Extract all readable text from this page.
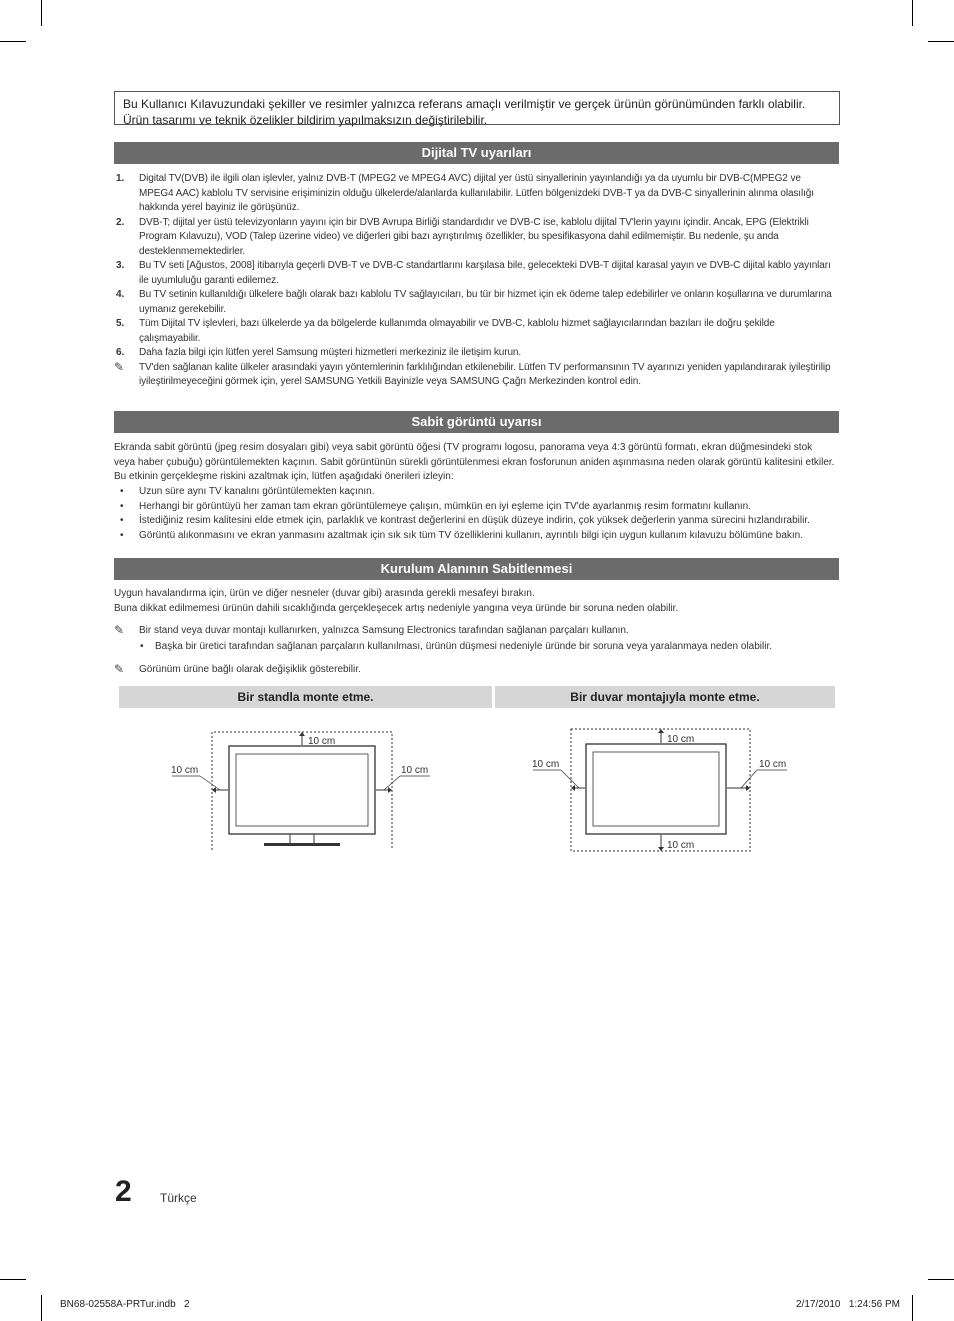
Bu Kullanıcı Kılavuzundaki şekiller ve resimler yalnızca referans amaçlı verilmiştir ve gerçek ürünün görünümünden farklı olabilir. Ürün tasarımı ve teknik özelikler bildirim yapılmaksızın değiştirilebilir.
Dijital TV uyarıları
1. Digital TV(DVB) ile ilgili olan işlevler, yalnız DVB-T (MPEG2 ve MPEG4 AVC) dijital yer üstü sinyallerinin yayınlandığı ya da uyumlu bir DVB-C(MPEG2 ve MPEG4 AAC) kablolu TV servisine erişiminizin olduğu ülkelerde/alanlarda kullanılabilir. Lütfen bölgenizdeki DVB-T ya da DVB-C sinyallerinin alınma olasılığı hakkında yerel bayiniz ile görüşünüz.
2. DVB-T; dijital yer üstü televizyonların yayını için bir DVB Avrupa Birliği standardıdır ve DVB-C ise, kablolu dijital TV'lerin yayını içindir. Ancak, EPG (Elektrikli Program Kılavuzu), VOD (Talep üzerine video) ve diğerleri gibi bazı ayrıştırılmış özellikler, bu spesifikasyona dahil edilmemiştir. Bu nedenle, şu anda desteklenmemektedirler.
3. Bu TV seti [Ağustos, 2008] itibarıyla geçerli DVB-T ve DVB-C standartlarını karşılasa bile, gelecekteki DVB-T dijital karasal yayın ve DVB-C dijital kablo yayınları ile uyumluluğu garanti edilemez.
4. Bu TV setinin kullanıldığı ülkelere bağlı olarak bazı kablolu TV sağlayıcıları, bu tür bir hizmet için ek ödeme talep edebilirler ve onların koşullarına ve durumlarına uymanız gerekebilir.
5. Tüm Dijital TV işlevleri, bazı ülkelerde ya da bölgelerde kullanımda olmayabilir ve DVB-C, kablolu hizmet sağlayıcılarından bazıları ile doğru şekilde çalışmayabilir.
6. Daha fazla bilgi için lütfen yerel Samsung müşteri hizmetleri merkeziniz ile iletişim kurun.
✎ TV'den sağlanan kalite ülkeler arasındaki yayın yöntemlerinin farklılığından etkilenebilir. Lütfen TV performansının TV ayarınızı yeniden yapılandırarak iyileştirilip iyileştirilmeyeceğini görmek için, yerel SAMSUNG Yetkili Bayinizle veya SAMSUNG Çağrı Merkezinden kontrol edin.
Sabit görüntü uyarısı
Ekranda sabit görüntü (jpeg resim dosyaları gibi) veya sabit görüntü öğesi (TV programı logosu, panorama veya 4:3 görüntü formatı, ekran düğmesindeki stok veya haber çubuğu) görüntülemekten kaçının. Sabit görüntünün sürekli görüntülenmesi ekran fosforunun aniden aşınmasına neden olarak görüntü kalitesini etkiler. Bu etkinin gerçekleşme riskini azaltmak için, lütfen aşağıdaki önerileri izleyin:
• Uzun süre aynı TV kanalını görüntülemekten kaçının.
• Herhangi bir görüntüyü her zaman tam ekran görüntülemeye çalışın, mümkün en iyi eşleme için TV'de ayarlanmış resim formatını kullanın.
• İstediğiniz resim kalitesini elde etmek için, parlaklık ve kontrast değerlerini en düşük düzeye indirin, çok yüksek değerlerin yanma sürecini hızlandırabilir.
• Görüntü alıkonmasını ve ekran yanmasını azaltmak için sık sık tüm TV özelliklerini kullanın, ayrıntılı bilgi için uygun kullanım kılavuzu bölümüne bakın.
Kurulum Alanının Sabitlenmesi
Uygun havalandırma için, ürün ve diğer nesneler (duvar gibi) arasında gerekli mesafeyi bırakın.
Buna dikkat edilmemesi ürünün dahili sıcaklığında gerçekleşecek artış nedeniyle yangına veya üründe bir soruna neden olabilir.
✎ Bir stand veya duvar montajı kullanırken, yalnızca Samsung Electronics tarafından sağlanan parçaları kullanın.
• Başka bir üretici tarafından sağlanan parçaların kullanılması, ürünün düşmesi nedeniyle üründe bir soruna veya yaralanmaya neden olabilir.
✎ Görünüm ürüne bağlı olarak değişiklik gösterebilir.
Bir standla monte etme.	Bir duvar montajıyla monte etme.
10 cm
10 cm	10 cm
10 cm
10 cm
10 cm	10 cm
2 Türkçe
BN68-02558A-PRTur.indb   2	2/17/2010   1:24:56 PM
